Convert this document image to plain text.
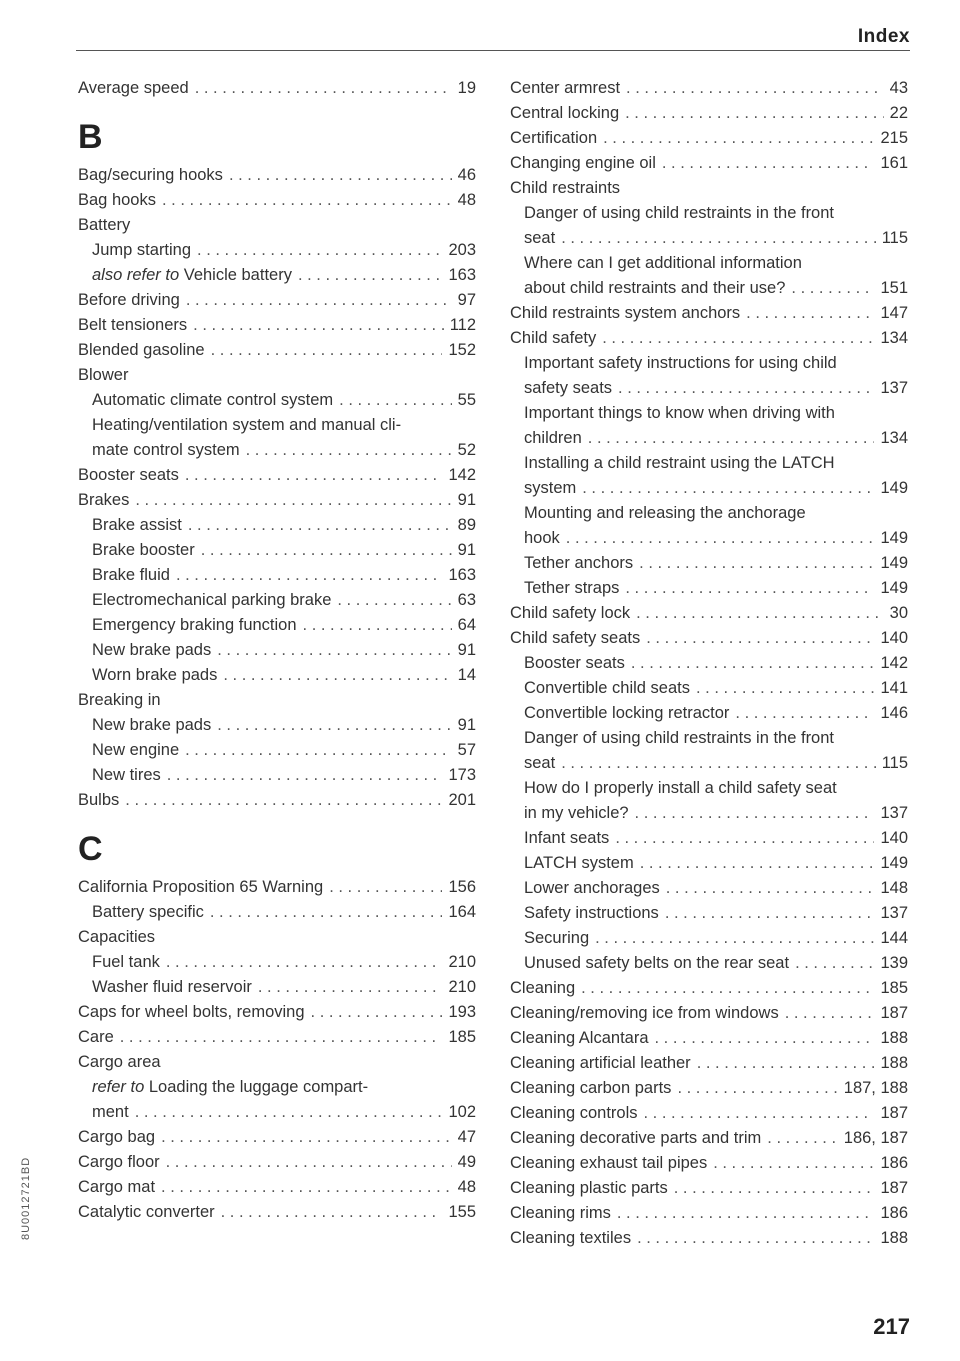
Index
Average speed . . .	19
B
Bag/securing hooks . . .	46
Bag hooks . . .	48
Battery
Jump starting . . .	203
also refer to Vehicle battery . . .	163
Before driving . . .	97
Belt tensioners . . .	112
Blended gasoline . . .	152
Blower
Automatic climate control system . . .	55
Heating/ventilation system and manual cli-
mate control system . . .	52
Booster seats . . .	142
Brakes . . .	91
Brake assist . . .	89
Brake booster . . .	91
Brake fluid . . .	163
Electromechanical parking brake . . .	63
Emergency braking function . . .	64
New brake pads . . .	91
Worn brake pads . . .	14
Breaking in
New brake pads . . .	91
New engine . . .	57
New tires . . .	173
Bulbs . . .	201
C
California Proposition 65 Warning . . .	156
Battery specific . . .	164
Capacities
Fuel tank . . .	210
Washer fluid reservoir . . .	210
Caps for wheel bolts, removing . . .	193
Care . . .	185
Cargo area
refer to Loading the luggage compart-
ment . . .	102
Cargo bag . . .	47
Cargo floor . . .	49
Cargo mat . . .	48
Catalytic converter . . .	155
Center armrest . . .	43
Central locking . . .	22
Certification . . .	215
Changing engine oil . . .	161
Child restraints
Danger of using child restraints in the front
seat . . .	115
Where can I get additional information
about child restraints and their use? . . .	151
Child restraints system anchors . . .	147
Child safety . . .	134
Important safety instructions for using child
safety seats . . .	137
Important things to know when driving with
children . . .	134
Installing a child restraint using the LATCH
system . . .	149
Mounting and releasing the anchorage
hook . . .	149
Tether anchors . . .	149
Tether straps . . .	149
Child safety lock . . .	30
Child safety seats . . .	140
Booster seats . . .	142
Convertible child seats . . .	141
Convertible locking retractor . . .	146
Danger of using child restraints in the front
seat . . .	115
How do I properly install a child safety seat
in my vehicle? . . .	137
Infant seats . . .	140
LATCH system . . .	149
Lower anchorages . . .	148
Safety instructions . . .	137
Securing . . .	144
Unused safety belts on the rear seat . . .	139
Cleaning . . .	185
Cleaning/removing ice from windows . . .	187
Cleaning Alcantara . . .	188
Cleaning artificial leather . . .	188
Cleaning carbon parts . . .	187, 188
Cleaning controls . . .	187
Cleaning decorative parts and trim . . .	186, 187
Cleaning exhaust tail pipes . . .	186
Cleaning plastic parts . . .	187
Cleaning rims . . .	186
Cleaning textiles . . .	188
217
8U0012721BD
